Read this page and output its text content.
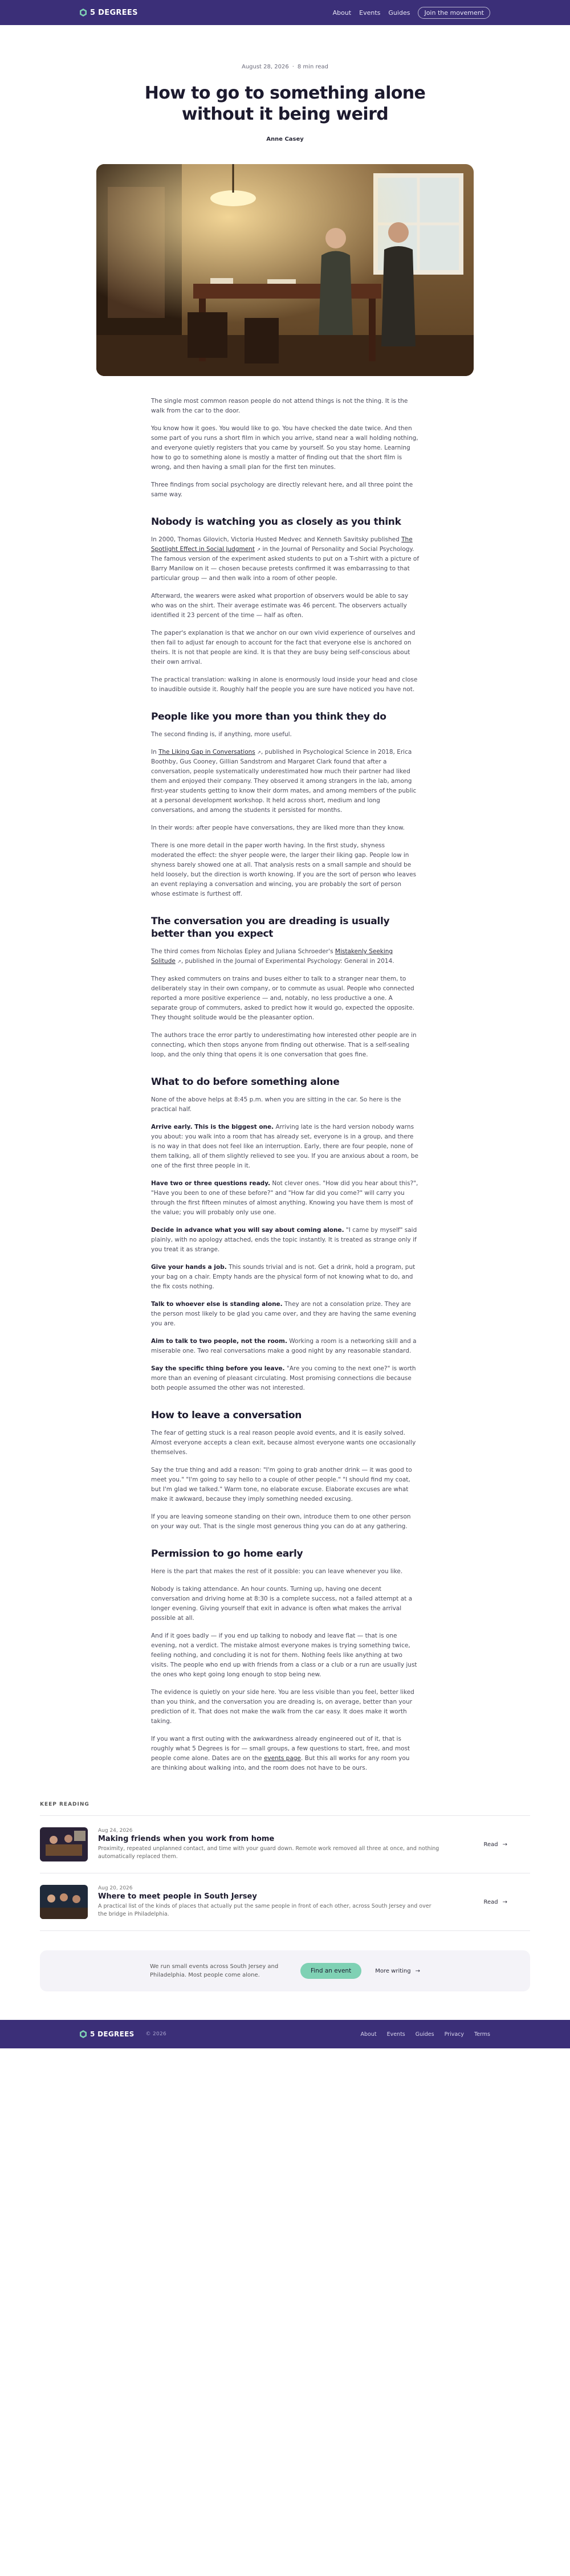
5 DEGREES	About Events Guides	Join the movement
August 28, 2026 · 8 min read
How to go to something alone without it being weird
Anne Casey

The single most common reason people do not attend things is not the thing. It is the walk from the car to the door.

You know how it goes. You would like to go. You have checked the date twice. And then some part of you runs a short film in which you arrive, stand near a wall holding nothing, and everyone quietly registers that you came by yourself. So you stay home. Learning how to go to something alone is mostly a matter of finding out that the short film is wrong, and then having a small plan for the first ten minutes.

Three findings from social psychology are directly relevant here, and all three point the same way.

Nobody is watching you as closely as you think

In 2000, Thomas Gilovich, Victoria Husted Medvec and Kenneth Savitsky published The Spotlight Effect in Social Judgment ↗ in the Journal of Personality and Social Psychology. The famous version of the experiment asked students to put on a T-shirt with a picture of Barry Manilow on it — chosen because pretests confirmed it was embarrassing to that particular group — and then walk into a room of other people.

Afterward, the wearers were asked what proportion of observers would be able to say who was on the shirt. Their average estimate was 46 percent. The observers actually identified it 23 percent of the time — half as often.

The paper's explanation is that we anchor on our own vivid experience of ourselves and then fail to adjust far enough to account for the fact that everyone else is anchored on theirs. It is not that people are kind. It is that they are busy being self-conscious about their own arrival.

The practical translation: walking in alone is enormously loud inside your head and close to inaudible outside it. Roughly half the people you are sure have noticed you have not.

People like you more than you think they do

The second finding is, if anything, more useful.

In The Liking Gap in Conversations ↗, published in Psychological Science in 2018, Erica Boothby, Gus Cooney, Gillian Sandstrom and Margaret Clark found that after a conversation, people systematically underestimated how much their partner had liked them and enjoyed their company. They observed it among strangers in the lab, among first-year students getting to know their dorm mates, and among members of the public at a personal development workshop. It held across short, medium and long conversations, and among the students it persisted for months.

In their words: after people have conversations, they are liked more than they know.

There is one more detail in the paper worth having. In the first study, shyness moderated the effect: the shyer people were, the larger their liking gap. People low in shyness barely showed one at all. That analysis rests on a small sample and should be held loosely, but the direction is worth knowing. If you are the sort of person who leaves an event replaying a conversation and wincing, you are probably the sort of person whose estimate is furthest off.

The conversation you are dreading is usually better than you expect

The third comes from Nicholas Epley and Juliana Schroeder's Mistakenly Seeking Solitude ↗, published in the Journal of Experimental Psychology: General in 2014.

They asked commuters on trains and buses either to talk to a stranger near them, to deliberately stay in their own company, or to commute as usual. People who connected reported a more positive experience — and, notably, no less productive a one. A separate group of commuters, asked to predict how it would go, expected the opposite. They thought solitude would be the pleasanter option.

The authors trace the error partly to underestimating how interested other people are in connecting, which then stops anyone from finding out otherwise. That is a self-sealing loop, and the only thing that opens it is one conversation that goes fine.

What to do before something alone

None of the above helps at 8:45 p.m. when you are sitting in the car. So here is the practical half.

Arrive early. This is the biggest one. Arriving late is the hard version nobody warns you about: you walk into a room that has already set, everyone is in a group, and there is no way in that does not feel like an interruption. Early, there are four people, none of them talking, all of them slightly relieved to see you. If you are anxious about a room, be one of the first three people in it.

Have two or three questions ready. Not clever ones. "How did you hear about this?", "Have you been to one of these before?" and "How far did you come?" will carry you through the first fifteen minutes of almost anything. Knowing you have them is most of the value; you will probably only use one.

Decide in advance what you will say about coming alone. "I came by myself" said plainly, with no apology attached, ends the topic instantly. It is treated as strange only if you treat it as strange.

Give your hands a job. This sounds trivial and is not. Get a drink, hold a program, put your bag on a chair. Empty hands are the physical form of not knowing what to do, and the fix costs nothing.

Talk to whoever else is standing alone. They are not a consolation prize. They are the person most likely to be glad you came over, and they are having the same evening you are.

Aim to talk to two people, not the room. Working a room is a networking skill and a miserable one. Two real conversations make a good night by any reasonable standard.

Say the specific thing before you leave. "Are you coming to the next one?" is worth more than an evening of pleasant circulating. Most promising connections die because both people assumed the other was not interested.

How to leave a conversation

The fear of getting stuck is a real reason people avoid events, and it is easily solved. Almost everyone accepts a clean exit, because almost everyone wants one occasionally themselves.

Say the true thing and add a reason: "I'm going to grab another drink — it was good to meet you." "I'm going to say hello to a couple of other people." "I should find my coat, but I'm glad we talked." Warm tone, no elaborate excuse. Elaborate excuses are what make it awkward, because they imply something needed excusing.

If you are leaving someone standing on their own, introduce them to one other person on your way out. That is the single most generous thing you can do at any gathering.

Permission to go home early

Here is the part that makes the rest of it possible: you can leave whenever you like.

Nobody is taking attendance. An hour counts. Turning up, having one decent conversation and driving home at 8:30 is a complete success, not a failed attempt at a longer evening. Giving yourself that exit in advance is often what makes the arrival possible at all.

And if it goes badly — if you end up talking to nobody and leave flat — that is one evening, not a verdict. The mistake almost everyone makes is trying something twice, feeling nothing, and concluding it is not for them. Nothing feels like anything at two visits. The people who end up with friends from a class or a club or a run are usually just the ones who kept going long enough to stop being new.

The evidence is quietly on your side here. You are less visible than you feel, better liked than you think, and the conversation you are dreading is, on average, better than your prediction of it. That does not make the walk from the car easy. It does make it worth taking.

If you want a first outing with the awkwardness already engineered out of it, that is roughly what 5 Degrees is for — small groups, a few questions to start, free, and most people come alone. Dates are on the events page. But this all works for any room you are thinking about walking into, and the room does not have to be ours.

KEEP READING
Aug 24, 2026
Making friends when you work from home
Proximity, repeated unplanned contact, and time with your guard down. Remote work removed all three at once, and nothing automatically replaced them.
Read →
Aug 20, 2026
Where to meet people in South Jersey
A practical list of the kinds of places that actually put the same people in front of each other, across South Jersey and over the bridge in Philadelphia.
Read →
We run small events across South Jersey and Philadelphia. Most people come alone.
Find an event	More writing →
5 DEGREES © 2026	About Events Guides Privacy Terms
